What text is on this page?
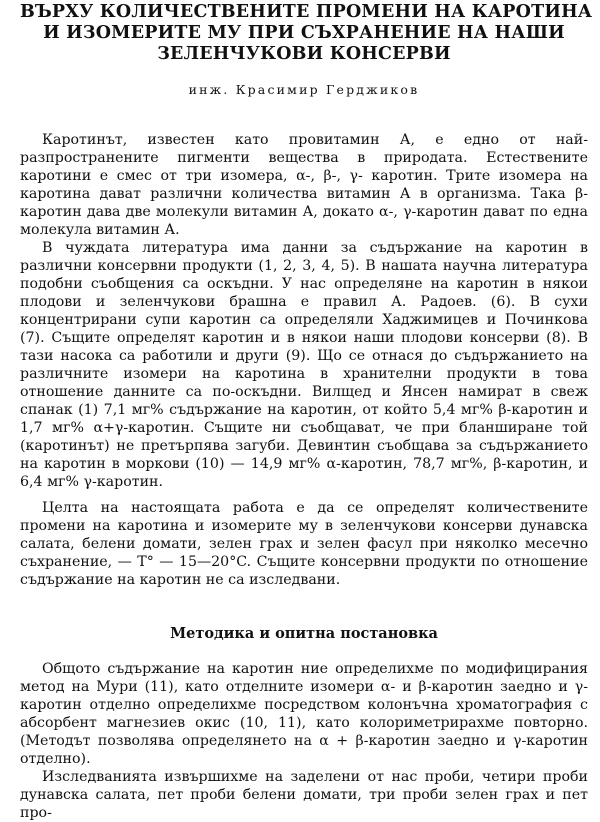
ВЪРХУ КОЛИЧЕСТВЕНИТЕ ПРОМЕНИ НА КАРОТИНА
И ИЗОМЕРИТЕ МУ ПРИ СЪХРАНЕНИЕ НА НАШИ
ЗЕЛЕНЧУКОВИ КОНСЕРВИ
инж. Красимир Герджиков

Каротинът, известен като провитамин А, е едно от най-разпространените пигменти вещества в природата. Естествените каротини е смес от три изомера, α-, β-, γ- каротин. Трите изомера на каротина дават различни количества витамин А в организма. Така β-каротин дава две молекули витамин А, докато α-, γ-каротин дават по една молекула витамин А.

В чуждата литература има данни за съдържание на каротин в различни консервни продукти (1, 2, 3, 4, 5). В нашата научна литература подобни съобщения са оскъдни. У нас определяне на каротин в някои плодови и зеленчукови брашна е правил А. Радоев. (6). В сухи концентрирани супи каротин са определяли Хаджимицев и Починкова (7). Същите определят каротин и в някои наши плодови консерви (8). В тази насока са работили и други (9). Що се отнася до съдържанието на различните изомери на каротина в хранителни продукти в това отношение данните са по-оскъдни. Вилщед и Янсен намират в свеж спанак (1) 7,1 мг% съдържание на каротин, от който 5,4 мг% β-каротин и 1,7 мг% α+γ-каротин. Същите ни съобщават, че при бланширане той (каротинът) не претърпява загуби. Девинтин съобщава за съдържанието на каротин в моркови (10) — 14,9 мг% α-каротин, 78,7 мг%, β-каротин, и 6,4 мг% γ-каротин.

Целта на настоящата работа е да се определят количествените промени на каротина и изомерите му в зеленчукови консерви дунавска салата, белени домати, зелен грах и зелен фасул при няколко месечно съхранение, — T° — 15—20°C. Същите консервни продукти по отношение съдържание на каротин не са изследвани.

Методика и опитна постановка

Общото съдържание на каротин ние определихме по модифицирания метод на Мури (11), като отделните изомери α- и β-каротин заедно и γ-каротин отделно определихме посредством колонъчна хроматография с абсорбент магнезиев окис (10, 11), като колориметрирахме повторно. (Методът позволява определянето на α + β-каротин заедно и γ-каротин отделно).

Изследванията извършихме на заделени от нас проби, четири проби дунавска салата, пет проби белени домати, три проби зелен грах и пет про-
